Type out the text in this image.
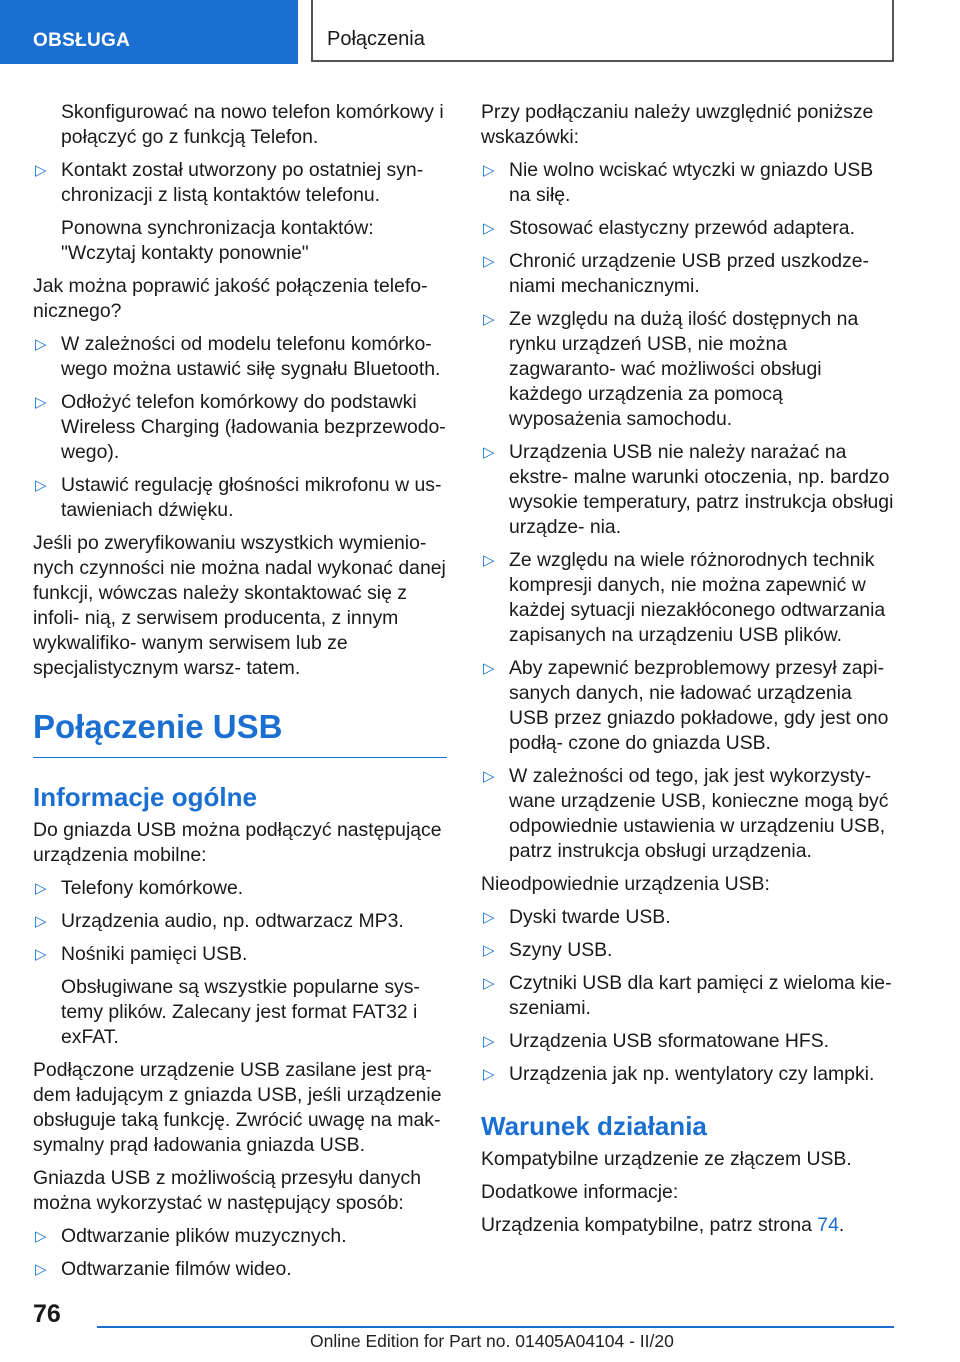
OBSŁUGA	Połączenia
Skonfigurować na nowo telefon komórkowy i połączyć go z funkcją Telefon.
▷ Kontakt został utworzony po ostatniej syn- chronizacji z listą kontaktów telefonu.
Ponowna synchronizacja kontaktów: "Wczytaj kontakty ponownie"
Jak można poprawić jakość połączenia telefo- nicznego?
▷ W zależności od modelu telefonu komórko- wego można ustawić siłę sygnału Bluetooth.
▷ Odłożyć telefon komórkowy do podstawki Wireless Charging (ładowania bezprzewodo- wego).
▷ Ustawić regulację głośności mikrofonu w us- tawieniach dźwięku.
Jeśli po zweryfikowaniu wszystkich wymienio- nych czynności nie można nadal wykonać danej funkcji, wówczas należy skontaktować się z infoli- nią, z serwisem producenta, z innym wykwalifiko- wanym serwisem lub ze specjalistycznym warsz- tatem.
Połączenie USB
Informacje ogólne
Do gniazda USB można podłączyć następujące urządzenia mobilne:
▷ Telefony komórkowe.
▷ Urządzenia audio, np. odtwarzacz MP3.
▷ Nośniki pamięci USB.
Obsługiwane są wszystkie popularne sys- temy plików. Zalecany jest format FAT32 i exFAT.
Podłączone urządzenie USB zasilane jest prą- dem ładującym z gniazda USB, jeśli urządzenie obsługuje taką funkcję. Zwrócić uwagę na mak- symalny prąd ładowania gniazda USB.
Gniazda USB z możliwością przesyłu danych można wykorzystać w następujący sposób:
▷ Odtwarzanie plików muzycznych.
▷ Odtwarzanie filmów wideo.
Przy podłączaniu należy uwzględnić poniższe wskazówki:
▷ Nie wolno wciskać wtyczki w gniazdo USB na siłę.
▷ Stosować elastyczny przewód adaptera.
▷ Chronić urządzenie USB przed uszkodze- niami mechanicznymi.
▷ Ze względu na dużą ilość dostępnych na rynku urządzeń USB, nie można zagwaranto- wać możliwości obsługi każdego urządzenia za pomocą wyposażenia samochodu.
▷ Urządzenia USB nie należy narażać na ekstre- malne warunki otoczenia, np. bardzo wysokie temperatury, patrz instrukcja obsługi urządze- nia.
▷ Ze względu na wiele różnorodnych technik kompresji danych, nie można zapewnić w każdej sytuacji niezakłóconego odtwarzania zapisanych na urządzeniu USB plików.
▷ Aby zapewnić bezproblemowy przesył zapi- sanych danych, nie ładować urządzenia USB przez gniazdo pokładowe, gdy jest ono podłą- czone do gniazda USB.
▷ W zależności od tego, jak jest wykorzysty- wane urządzenie USB, konieczne mogą być odpowiednie ustawienia w urządzeniu USB, patrz instrukcja obsługi urządzenia.
Nieodpowiednie urządzenia USB:
▷ Dyski twarde USB.
▷ Szyny USB.
▷ Czytniki USB dla kart pamięci z wieloma kie- szeniami.
▷ Urządzenia USB sformatowane HFS.
▷ Urządzenia jak np. wentylatory czy lampki.
Warunek działania
Kompatybilne urządzenie ze złączem USB.
Dodatkowe informacje:
Urządzenia kompatybilne, patrz strona 74.
76
Online Edition for Part no. 01405A04104 - II/20
